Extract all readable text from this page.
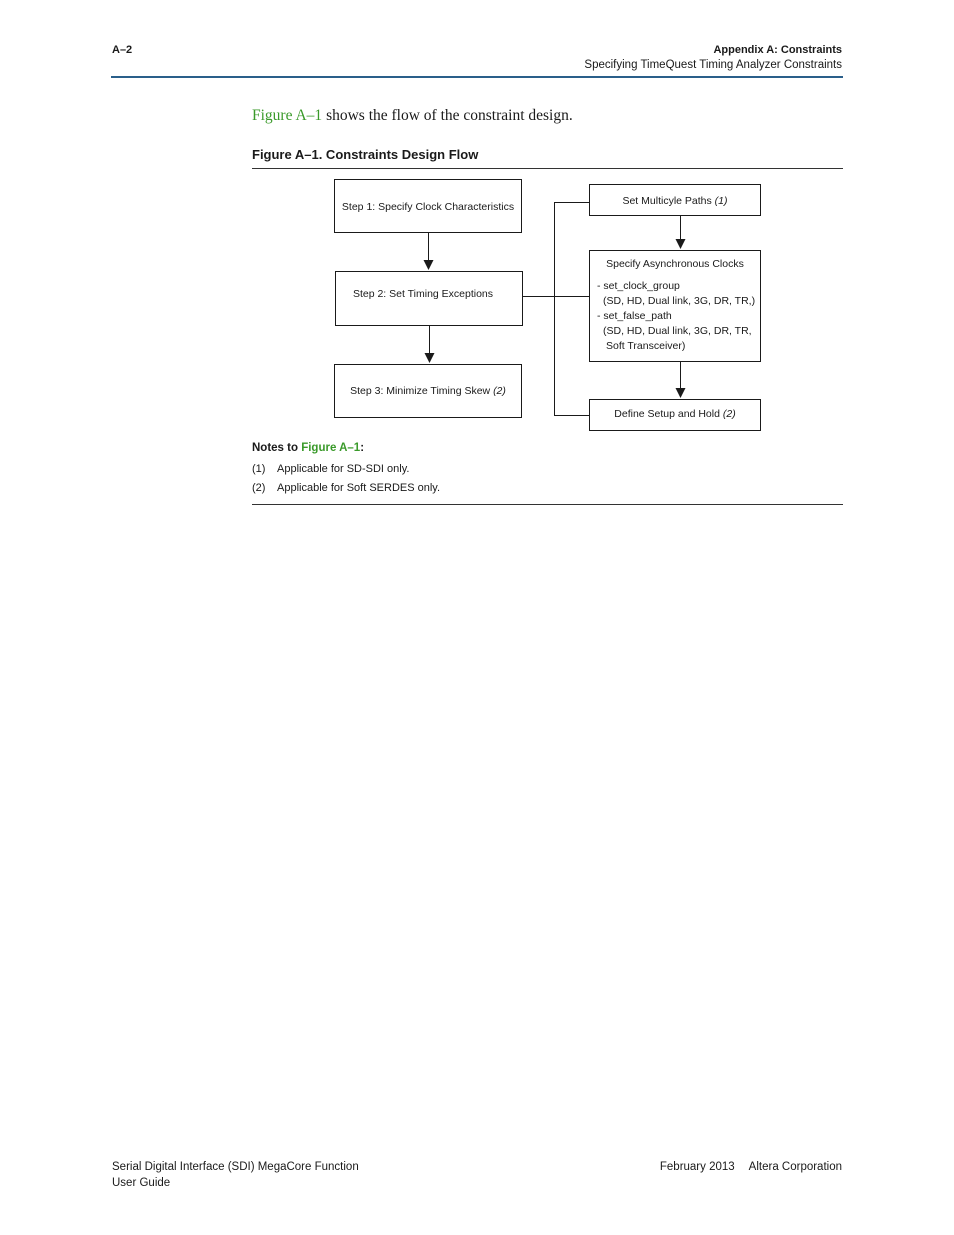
A–2	Appendix A: Constraints
Specifying TimeQuest Timing Analyzer Constraints
Figure A–1 shows the flow of the constraint design.
Figure A–1. Constraints Design Flow
Step 1: Specify Clock Characteristics
Step 2: Set Timing Exceptions
Step 3: Minimize Timing Skew (2)
Set Multicyle Paths (1)
Specify Asynchronous Clocks
- set_clock_group
(SD, HD, Dual link, 3G, DR, TR,)
- set_false_path
(SD, HD, Dual link, 3G, DR, TR,
Soft Transceiver)
Define Setup and Hold (2)
Notes to Figure A–1:
(1) Applicable for SD-SDI only.
(2) Applicable for Soft SERDES only.
Serial Digital Interface (SDI) MegaCore Function
User Guide
February 2013 Altera Corporation
